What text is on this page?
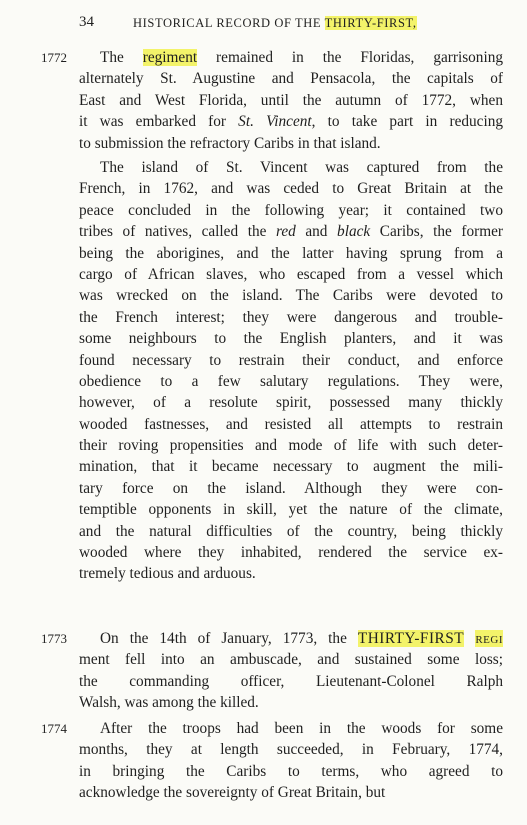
34	HISTORICAL RECORD OF THE THIRTY-FIRST,
1772	The regiment remained in the Floridas, garrisoning
alternately St. Augustine and Pensacola, the capitals of
East and West Florida, until the autumn of 1772, when
it was embarked for St. Vincent, to take part in reducing
to submission the refractory Caribs in that island.
The island of St. Vincent was captured from the
French, in 1762, and was ceded to Great Britain at the
peace concluded in the following year; it contained two
tribes of natives, called the red and black Caribs, the former
being the aborigines, and the latter having sprung from a
cargo of African slaves, who escaped from a vessel which
was wrecked on the island. The Caribs were devoted to
the French interest; they were dangerous and trouble-
some neighbours to the English planters, and it was
found necessary to restrain their conduct, and enforce
obedience to a few salutary regulations. They were,
however, of a resolute spirit, possessed many thickly
wooded fastnesses, and resisted all attempts to restrain
their roving propensities and mode of life with such deter-
mination, that it became necessary to augment the mili-
tary force on the island. Although they were con-
temptible opponents in skill, yet the nature of the climate,
and the natural difficulties of the country, being thickly
wooded where they inhabited, rendered the service ex-
tremely tedious and arduous.
1773	On the 14th of January, 1773, the THIRTY-FIRST regi
ment fell into an ambuscade, and sustained some loss;
the commanding officer, Lieutenant-Colonel Ralph
Walsh, was among the killed.
1774	After the troops had been in the woods for some
months, they at length succeeded, in February, 1774,
in bringing the Caribs to terms, who agreed to
acknowledge the sovereignty of Great Britain, but
